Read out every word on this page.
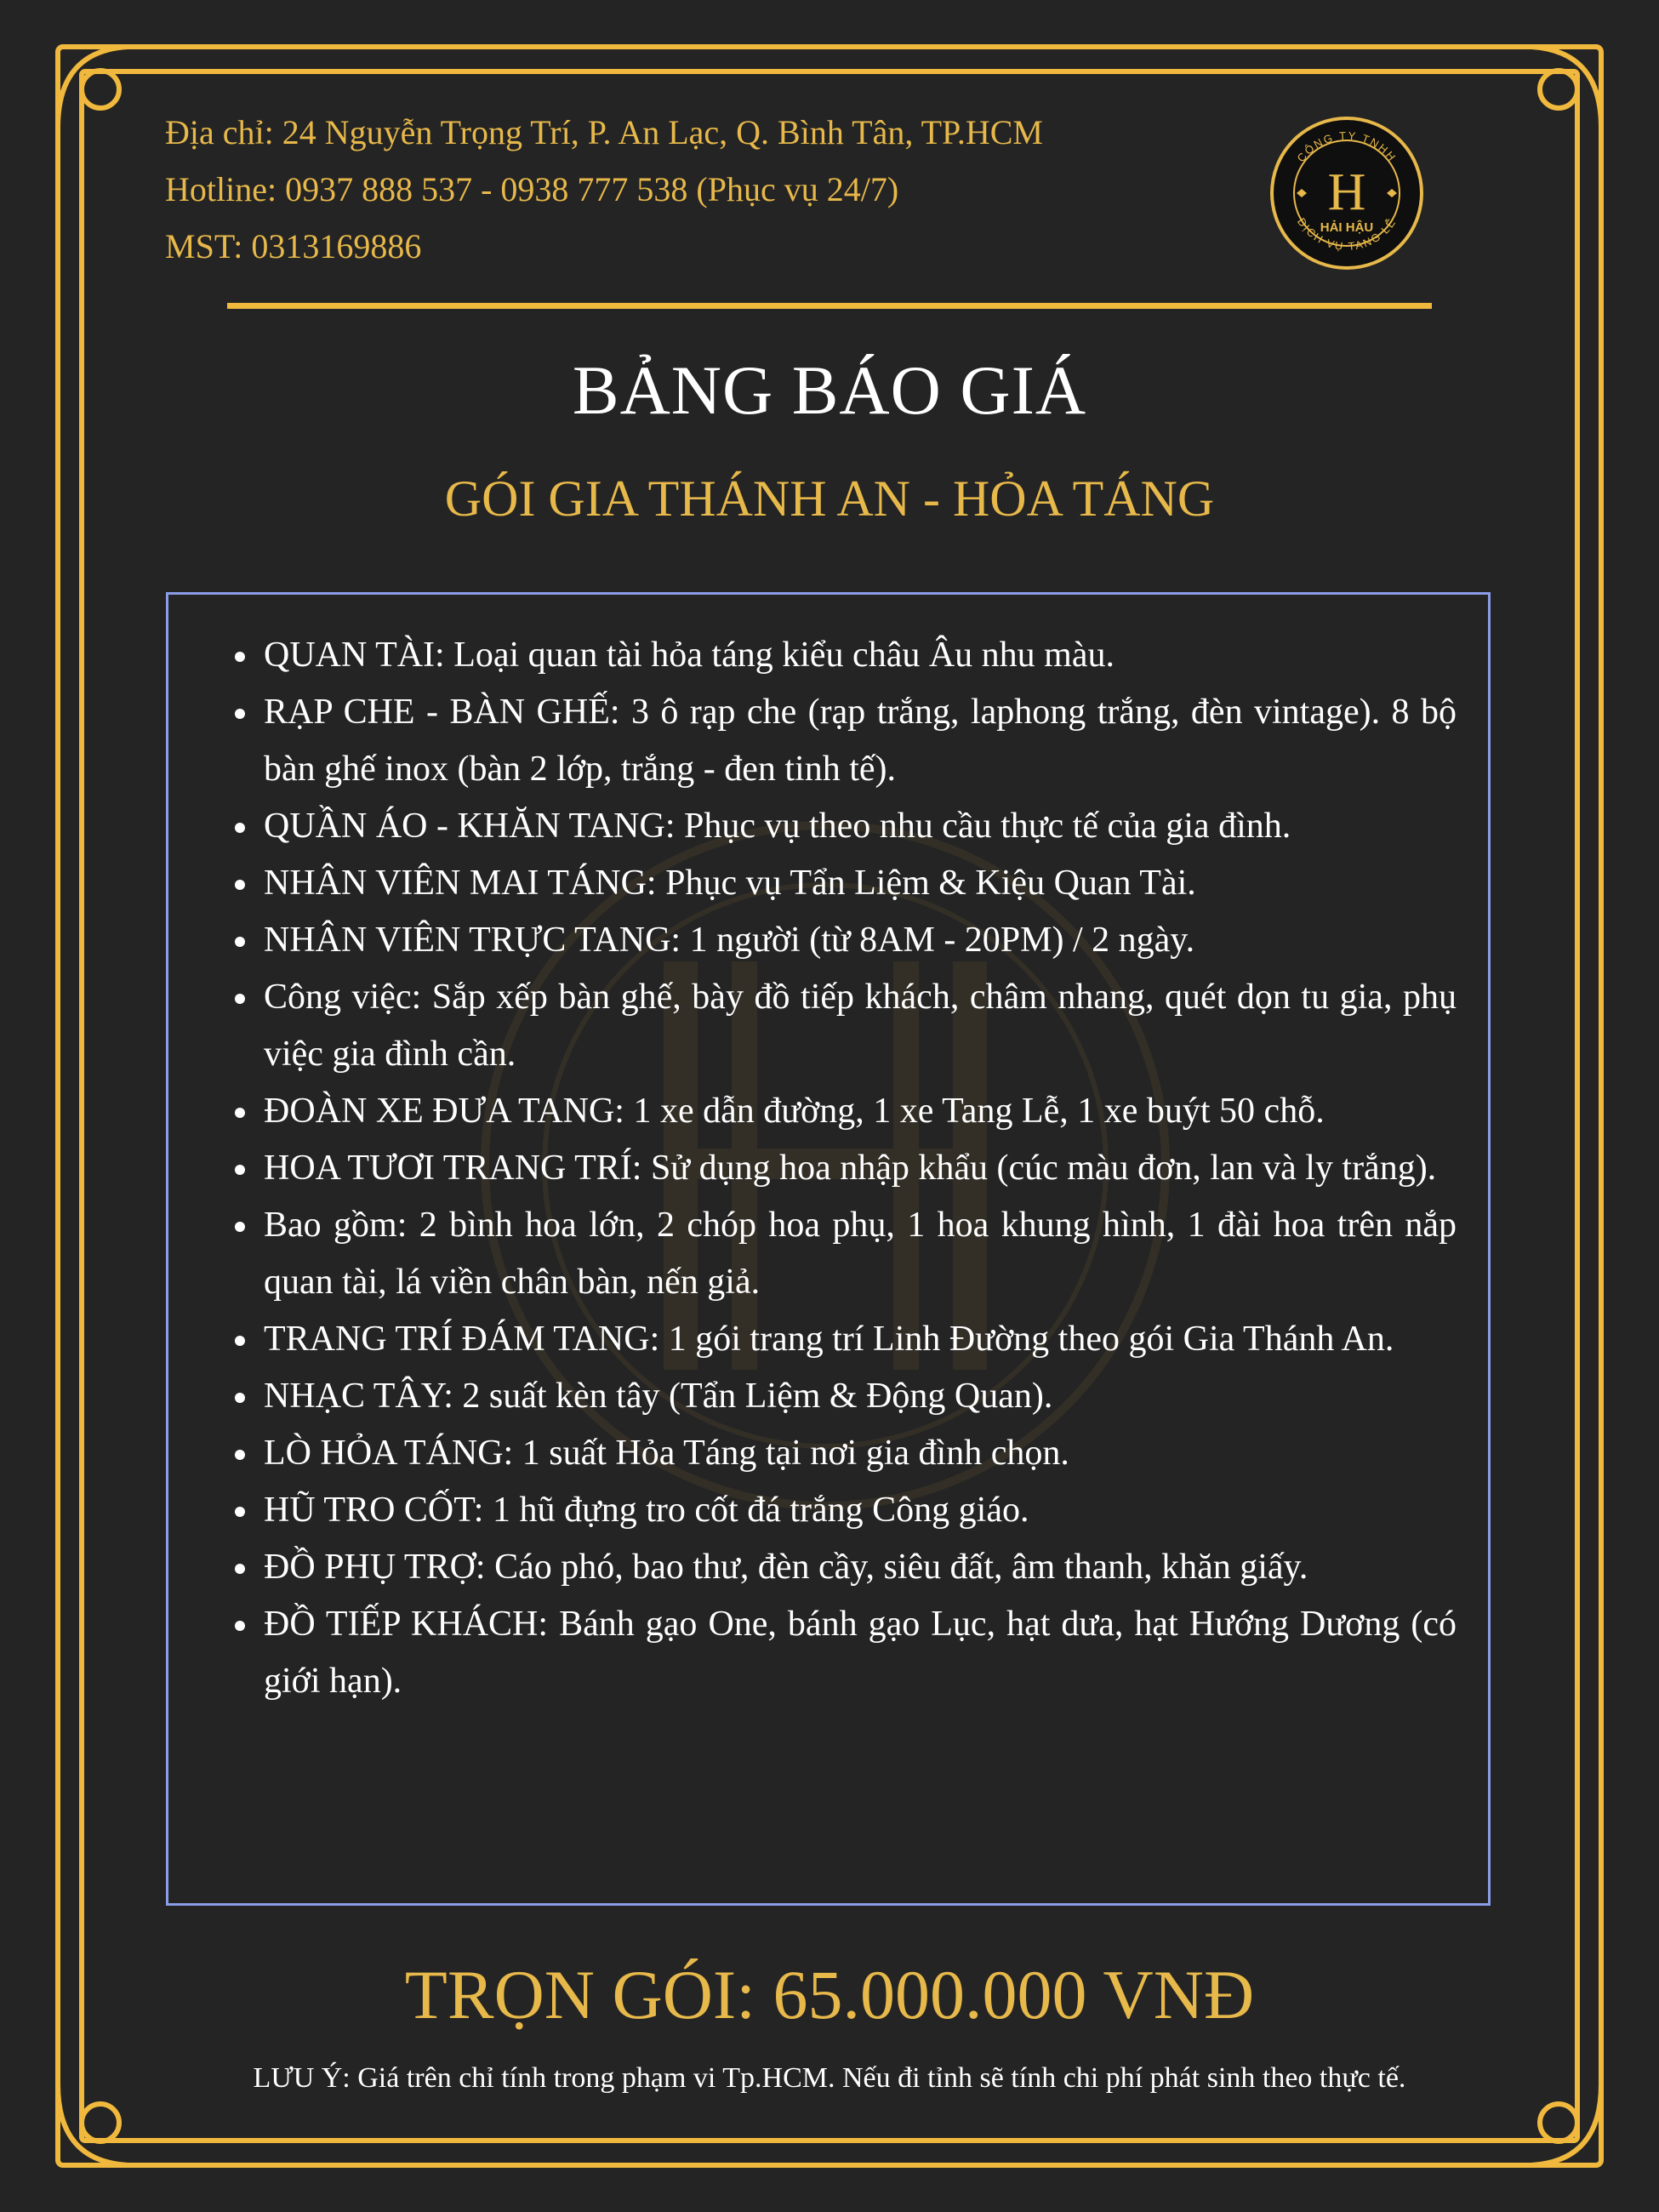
Địa chỉ: 24 Nguyễn Trọng Trí, P. An Lạc, Q. Bình Tân, TP.HCM
Hotline: 0937 888 537 - 0938 777 538 (Phục vụ 24/7)
MST: 0313169886
CÔNG TY TNHH
DỊCH VỤ TANG LỄ
H
HẢI HẬU
BẢNG BÁO GIÁ
GÓI GIA THÁNH AN - HỎA TÁNG
QUAN TÀI: Loại quan tài hỏa táng kiểu châu Âu nhu màu.
RẠP CHE - BÀN GHẾ: 3 ô rạp che (rạp trắng, laphong trắng, đèn vintage). 8 bộ bàn ghế inox (bàn 2 lớp, trắng - đen tinh tế).
QUẦN ÁO - KHĂN TANG: Phục vụ theo nhu cầu thực tế của gia đình.
NHÂN VIÊN MAI TÁNG: Phục vụ Tẩn Liệm & Kiệu Quan Tài.
NHÂN VIÊN TRỰC TANG: 1 người (từ 8AM - 20PM) / 2 ngày.
Công việc: Sắp xếp bàn ghế, bày đồ tiếp khách, châm nhang, quét dọn tu gia, phụ việc gia đình cần.
ĐOÀN XE ĐƯA TANG: 1 xe dẫn đường, 1 xe Tang Lễ, 1 xe buýt 50 chỗ.
HOA TƯƠI TRANG TRÍ: Sử dụng hoa nhập khẩu (cúc màu đơn, lan và ly trắng).
Bao gồm: 2 bình hoa lớn, 2 chóp hoa phụ, 1 hoa khung hình, 1 đài hoa trên nắp quan tài, lá viền chân bàn, nến giả.
TRANG TRÍ ĐÁM TANG: 1 gói trang trí Linh Đường theo gói Gia Thánh An.
NHẠC TÂY: 2 suất kèn tây (Tẩn Liệm & Động Quan).
LÒ HỎA TÁNG: 1 suất Hỏa Táng tại nơi gia đình chọn.
HŨ TRO CỐT: 1 hũ đựng tro cốt đá trắng Công giáo.
ĐỒ PHỤ TRỢ: Cáo phó, bao thư, đèn cầy, siêu đất, âm thanh, khăn giấy.
ĐỒ TIẾP KHÁCH: Bánh gạo One, bánh gạo Lục, hạt dưa, hạt Hướng Dương (có giới hạn).
TRỌN GÓI: 65.000.000 VNĐ
LƯU Ý: Giá trên chỉ tính trong phạm vi Tp.HCM. Nếu đi tỉnh sẽ tính chi phí phát sinh theo thực tế.
